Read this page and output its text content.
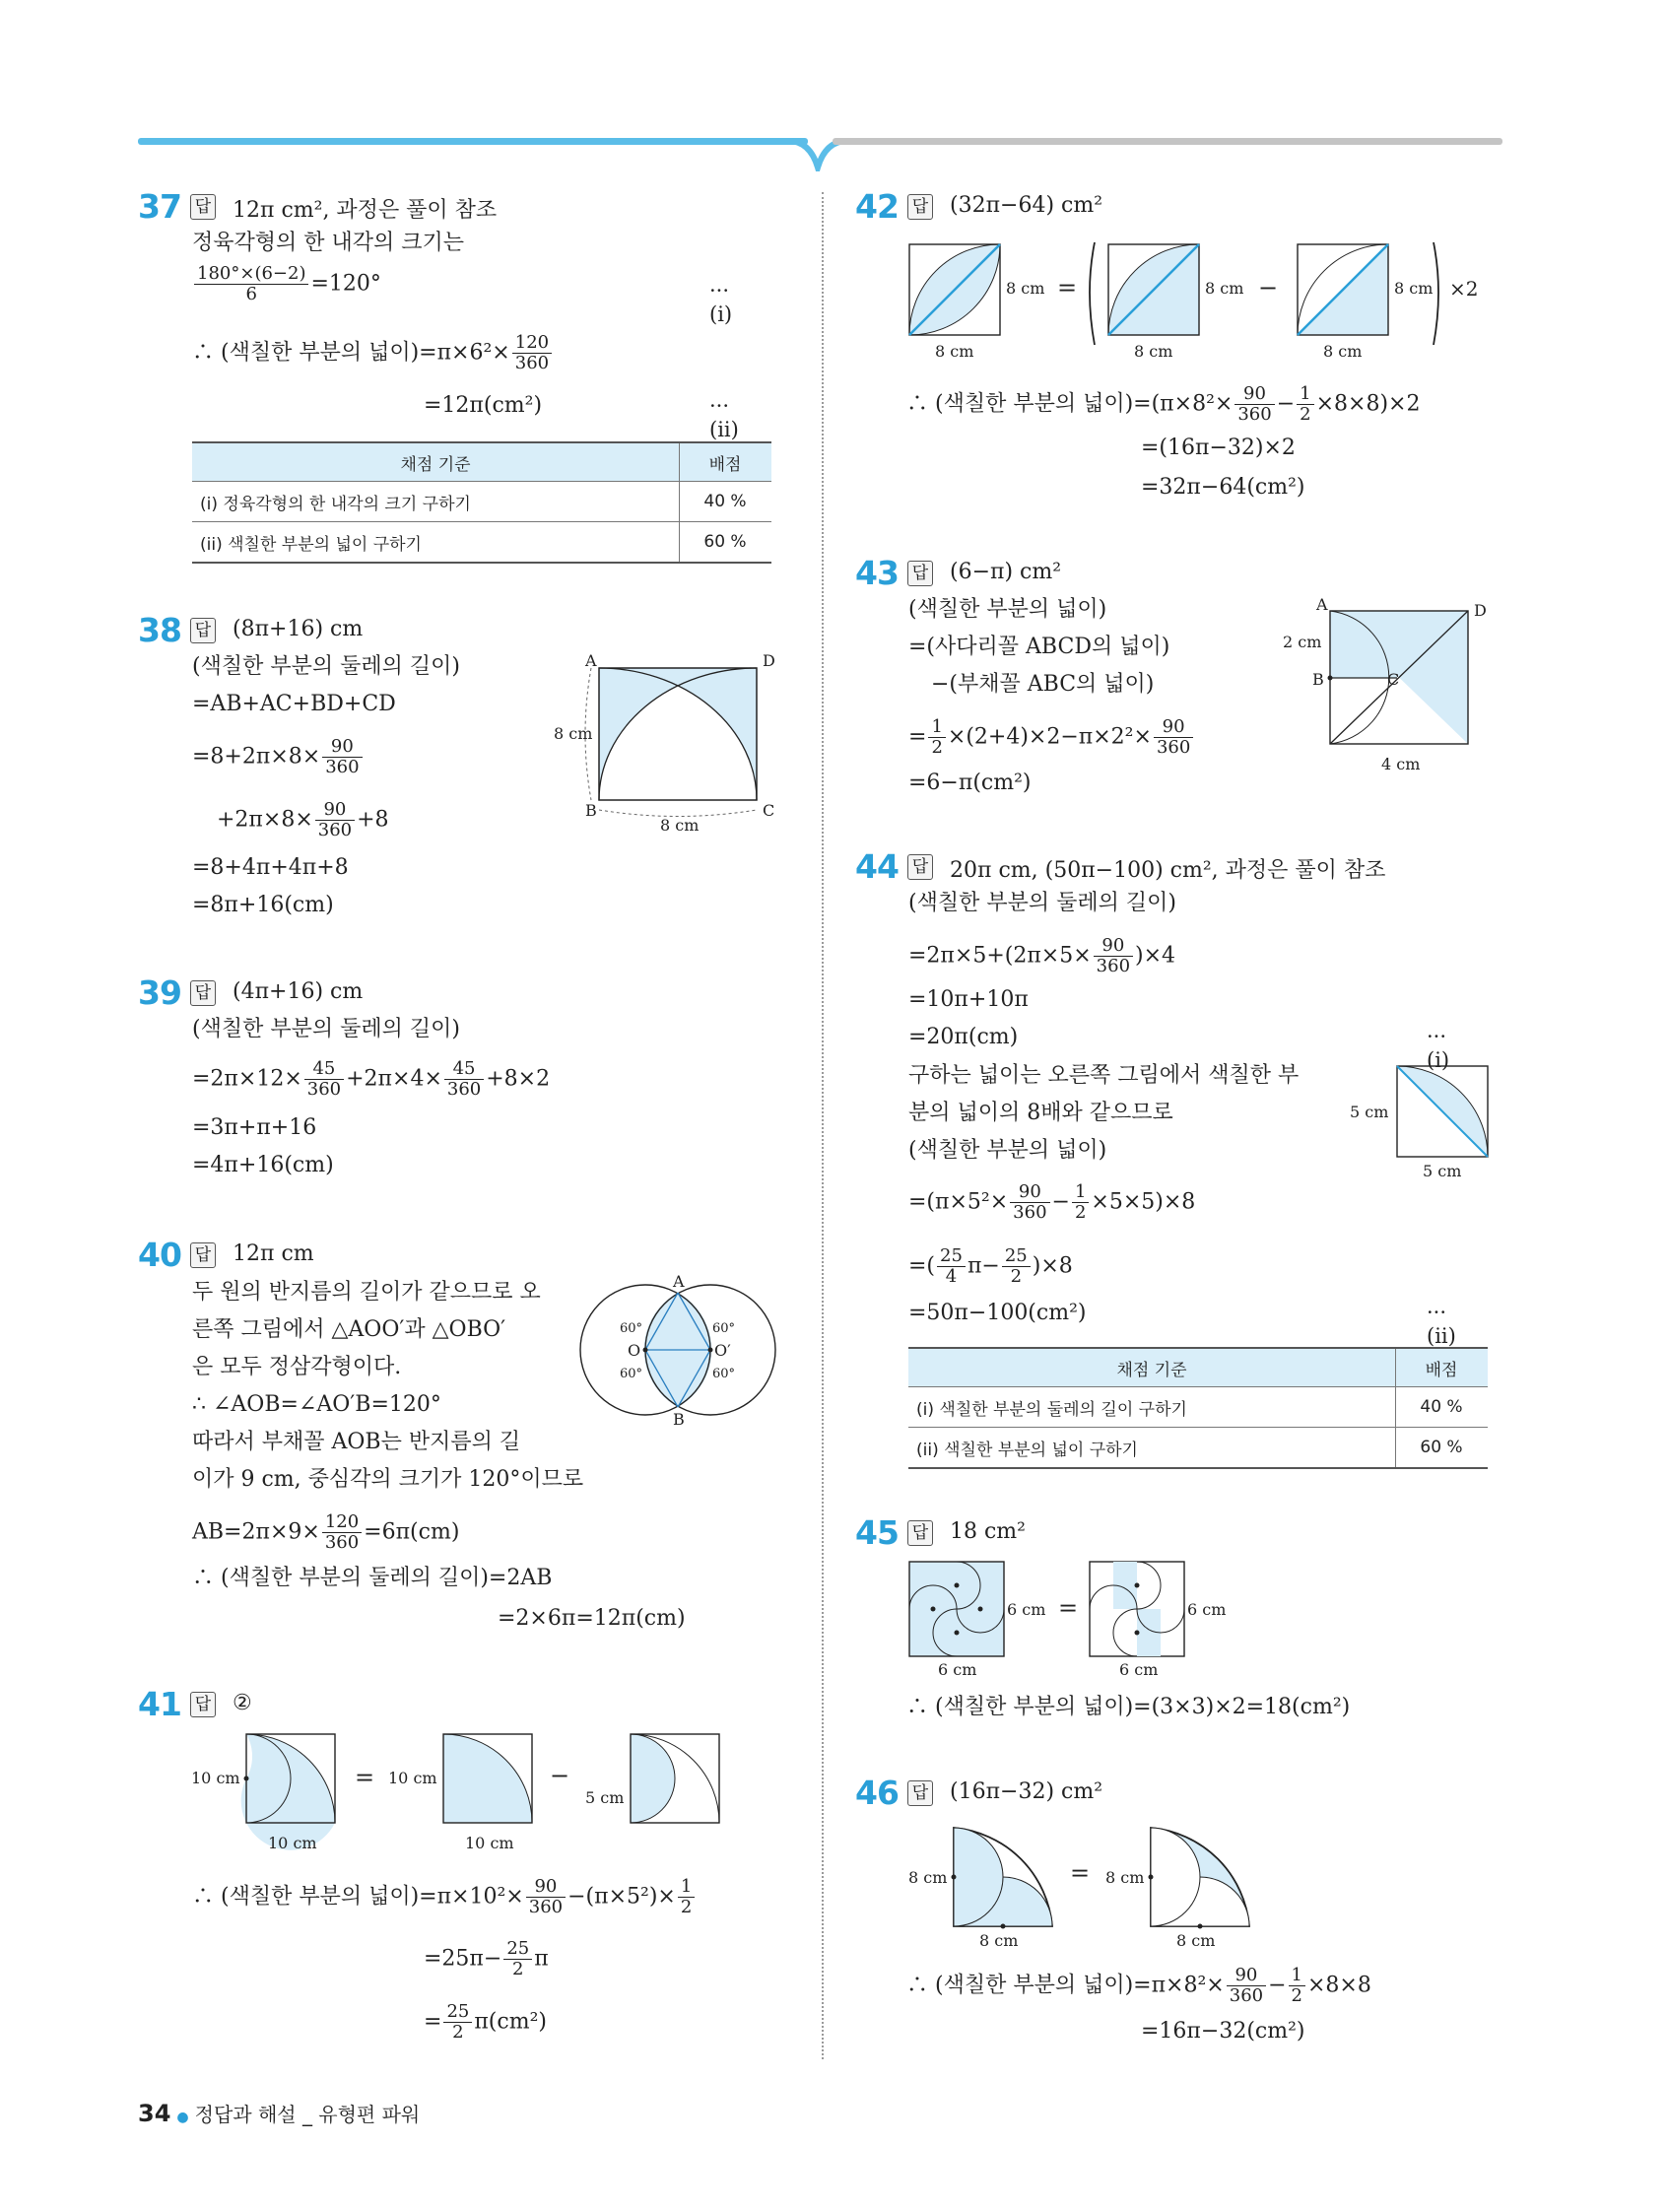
37 답 12π cm², 과정은 풀이 참조
정육각형의 한 내각의 크기는
$\frac{180^\circ\times(6-2)}{6} =120^\circ$	··· (i)
∴ (색칠한 부분의 넓이)$=\pi\times 6^2\times \frac{120}{360}$
=12π(cm²)	··· (ii)
채점 기준	배점
(i) 정육각형의 한 내각의 크기 구하기	40 %
(ii) 색칠한 부분의 넓이 구하기	60 %
38 답 (8π+16) cm
(색칠한 부분의 둘레의 길이)
=AB+AC+BD+CD
$=8+2\pi\times 8\times \frac{90}{360}$
$+2\pi\times 8\times \frac{90}{360} +8$
=8+4π+4π+8
=8π+16(cm)
A	D
B	C
8 cm
8 cm
39 답 (4π+16) cm
(색칠한 부분의 둘레의 길이)
$=2\pi\times 12\times \frac{45}{360} +2\pi\times 4\times \frac{45}{360} +8\times 2$
=3π+π+16
=4π+16(cm)
40 답 12π cm
두 원의 반지름의 길이가 같으므로 오
른쪽 그림에서 △AOO′과 △OBO′
은 모두 정삼각형이다.
∴ ∠AOB=∠AO′B=120°
따라서 부채꼴 AOB는 반지름의 길
이가 9 cm, 중심각의 크기가 120°이므로
$AB=2\pi\times 9\times \frac{120}{360} =6\pi(cm)$
∴ (색칠한 부분의 둘레의 길이)=2AB
=2×6π=12π(cm)
A
B
O	O′
60°	60°
60°	60°
41 답 ②
10 cm
10 cm
= 10 cm
10 cm
−
5 cm
∴ (색칠한 부분의 넓이)$=\pi\times 10^2\times \frac{90}{360} -(\pi\times 5^2)\times \frac{1}{2}$
$=25\pi- \frac{25}{2}$ π
= $\frac{25}{2} \pi(cm^2)$
42 답 (32π−64) cm²
8 cm
8 cm
=	8 cm
8 cm
−	8 cm
8 cm
×2
∴ (색칠한 부분의 넓이)$=(\pi\times 8^2\times \frac{90}{360} - \frac{1}{2} \times 8\times 8)\times 2$
=(16π−32)×2
=32π−64(cm²)
43 답 (6−π) cm²
(색칠한 부분의 넓이)
=(사다리꼴 ABCD의 넓이)
−(부채꼴 ABC의 넓이)
= $\frac{1}{2} \times(2+4)\times 2-\pi\times 2^2\times \frac{90}{360}$
=6−π(cm²)
A	D
B	C
2 cm
4 cm
44 답 20π cm, (50π−100) cm², 과정은 풀이 참조
(색칠한 부분의 둘레의 길이)
$=2\pi\times 5+(2\pi\times 5\times \frac{90}{360} )\times 4$
=10π+10π
=20π(cm)	··· (i)
구하는 넓이는 오른쪽 그림에서 색칠한 부
분의 넓이의 8배와 같으므로
(색칠한 부분의 넓이)
$=(\pi\times 5^2\times \frac{90}{360} - \frac{1}{2} \times 5\times 5)\times 8$
=( $\frac{25}{4} \pi- \frac{25}{2} )\times 8$
=50π−100(cm²)	··· (ii)
5 cm
5 cm
채점 기준	배점
(i) 색칠한 부분의 둘레의 길이 구하기	40 %
(ii) 색칠한 부분의 넓이 구하기	60 %
45 답 18 cm²
6 cm
6 cm
=	6 cm
6 cm
∴ (색칠한 부분의 넓이)=(3×3)×2=18(cm²)
46 답 (16π−32) cm²
8 cm
8 cm
= 8 cm
8 cm
∴ (색칠한 부분의 넓이)$=\pi\times 8^2\times \frac{90}{360} - \frac{1}{2} \times 8\times 8$
=16π−32(cm²)
34 ● 정답과 해설 _ 유형편 파워
